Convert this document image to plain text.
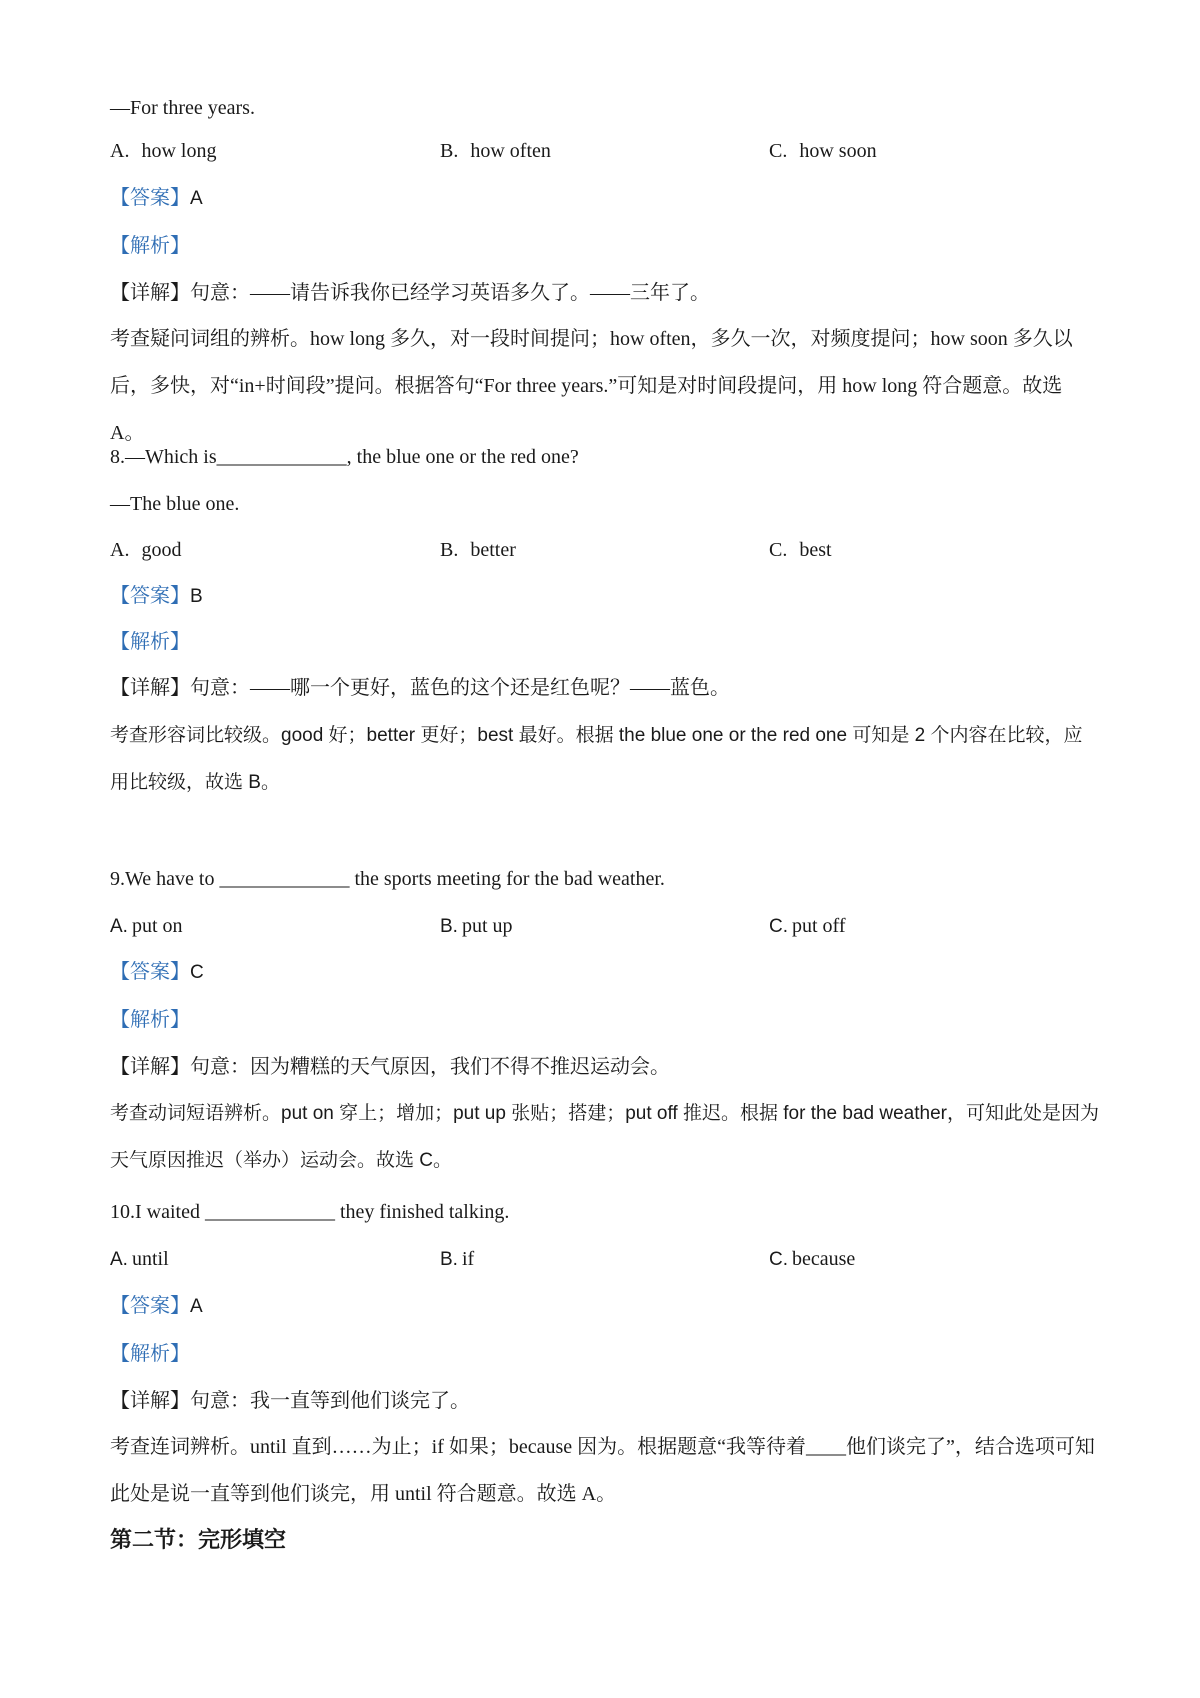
—For three years.
A. how long	B. how often	C. how soon
【答案】A
【解析】
【详解】句意：——请告诉我你已经学习英语多久了。——三年了。
考查疑问词组的辨析。how long 多久，对一段时间提问；how often，多久一次，对频度提问；how soon 多久以后，多快，对“in+时间段”提问。根据答句“For three years.”可知是对时间段提问，用 how long 符合题意。故选 A。
8.—Which is_____________, the blue one or the red one?
—The blue one.
A. good	B. better	C. best
【答案】B
【解析】
【详解】句意：——哪一个更好，蓝色的这个还是红色呢？——蓝色。
考查形容词比较级。good 好；better 更好；best 最好。根据 the blue one or the red one 可知是 2 个内容在比较，应用比较级，故选 B。
9.We have to _____________ the sports meeting for the bad weather.
A. put on	B. put up	C. put off
【答案】C
【解析】
【详解】句意：因为糟糕的天气原因，我们不得不推迟运动会。
考查动词短语辨析。put on 穿上；增加；put up 张贴；搭建；put off 推迟。根据 for the bad weather，可知此处是因为天气原因推迟（举办）运动会。故选 C。
10.I waited _____________ they finished talking.
A. until	B. if	C. because
【答案】A
【解析】
【详解】句意：我一直等到他们谈完了。
考查连词辨析。until 直到……为止；if 如果；because 因为。根据题意“我等待着____他们谈完了”，结合选项可知此处是说一直等到他们谈完，用 until 符合题意。故选 A。
第二节：完形填空
